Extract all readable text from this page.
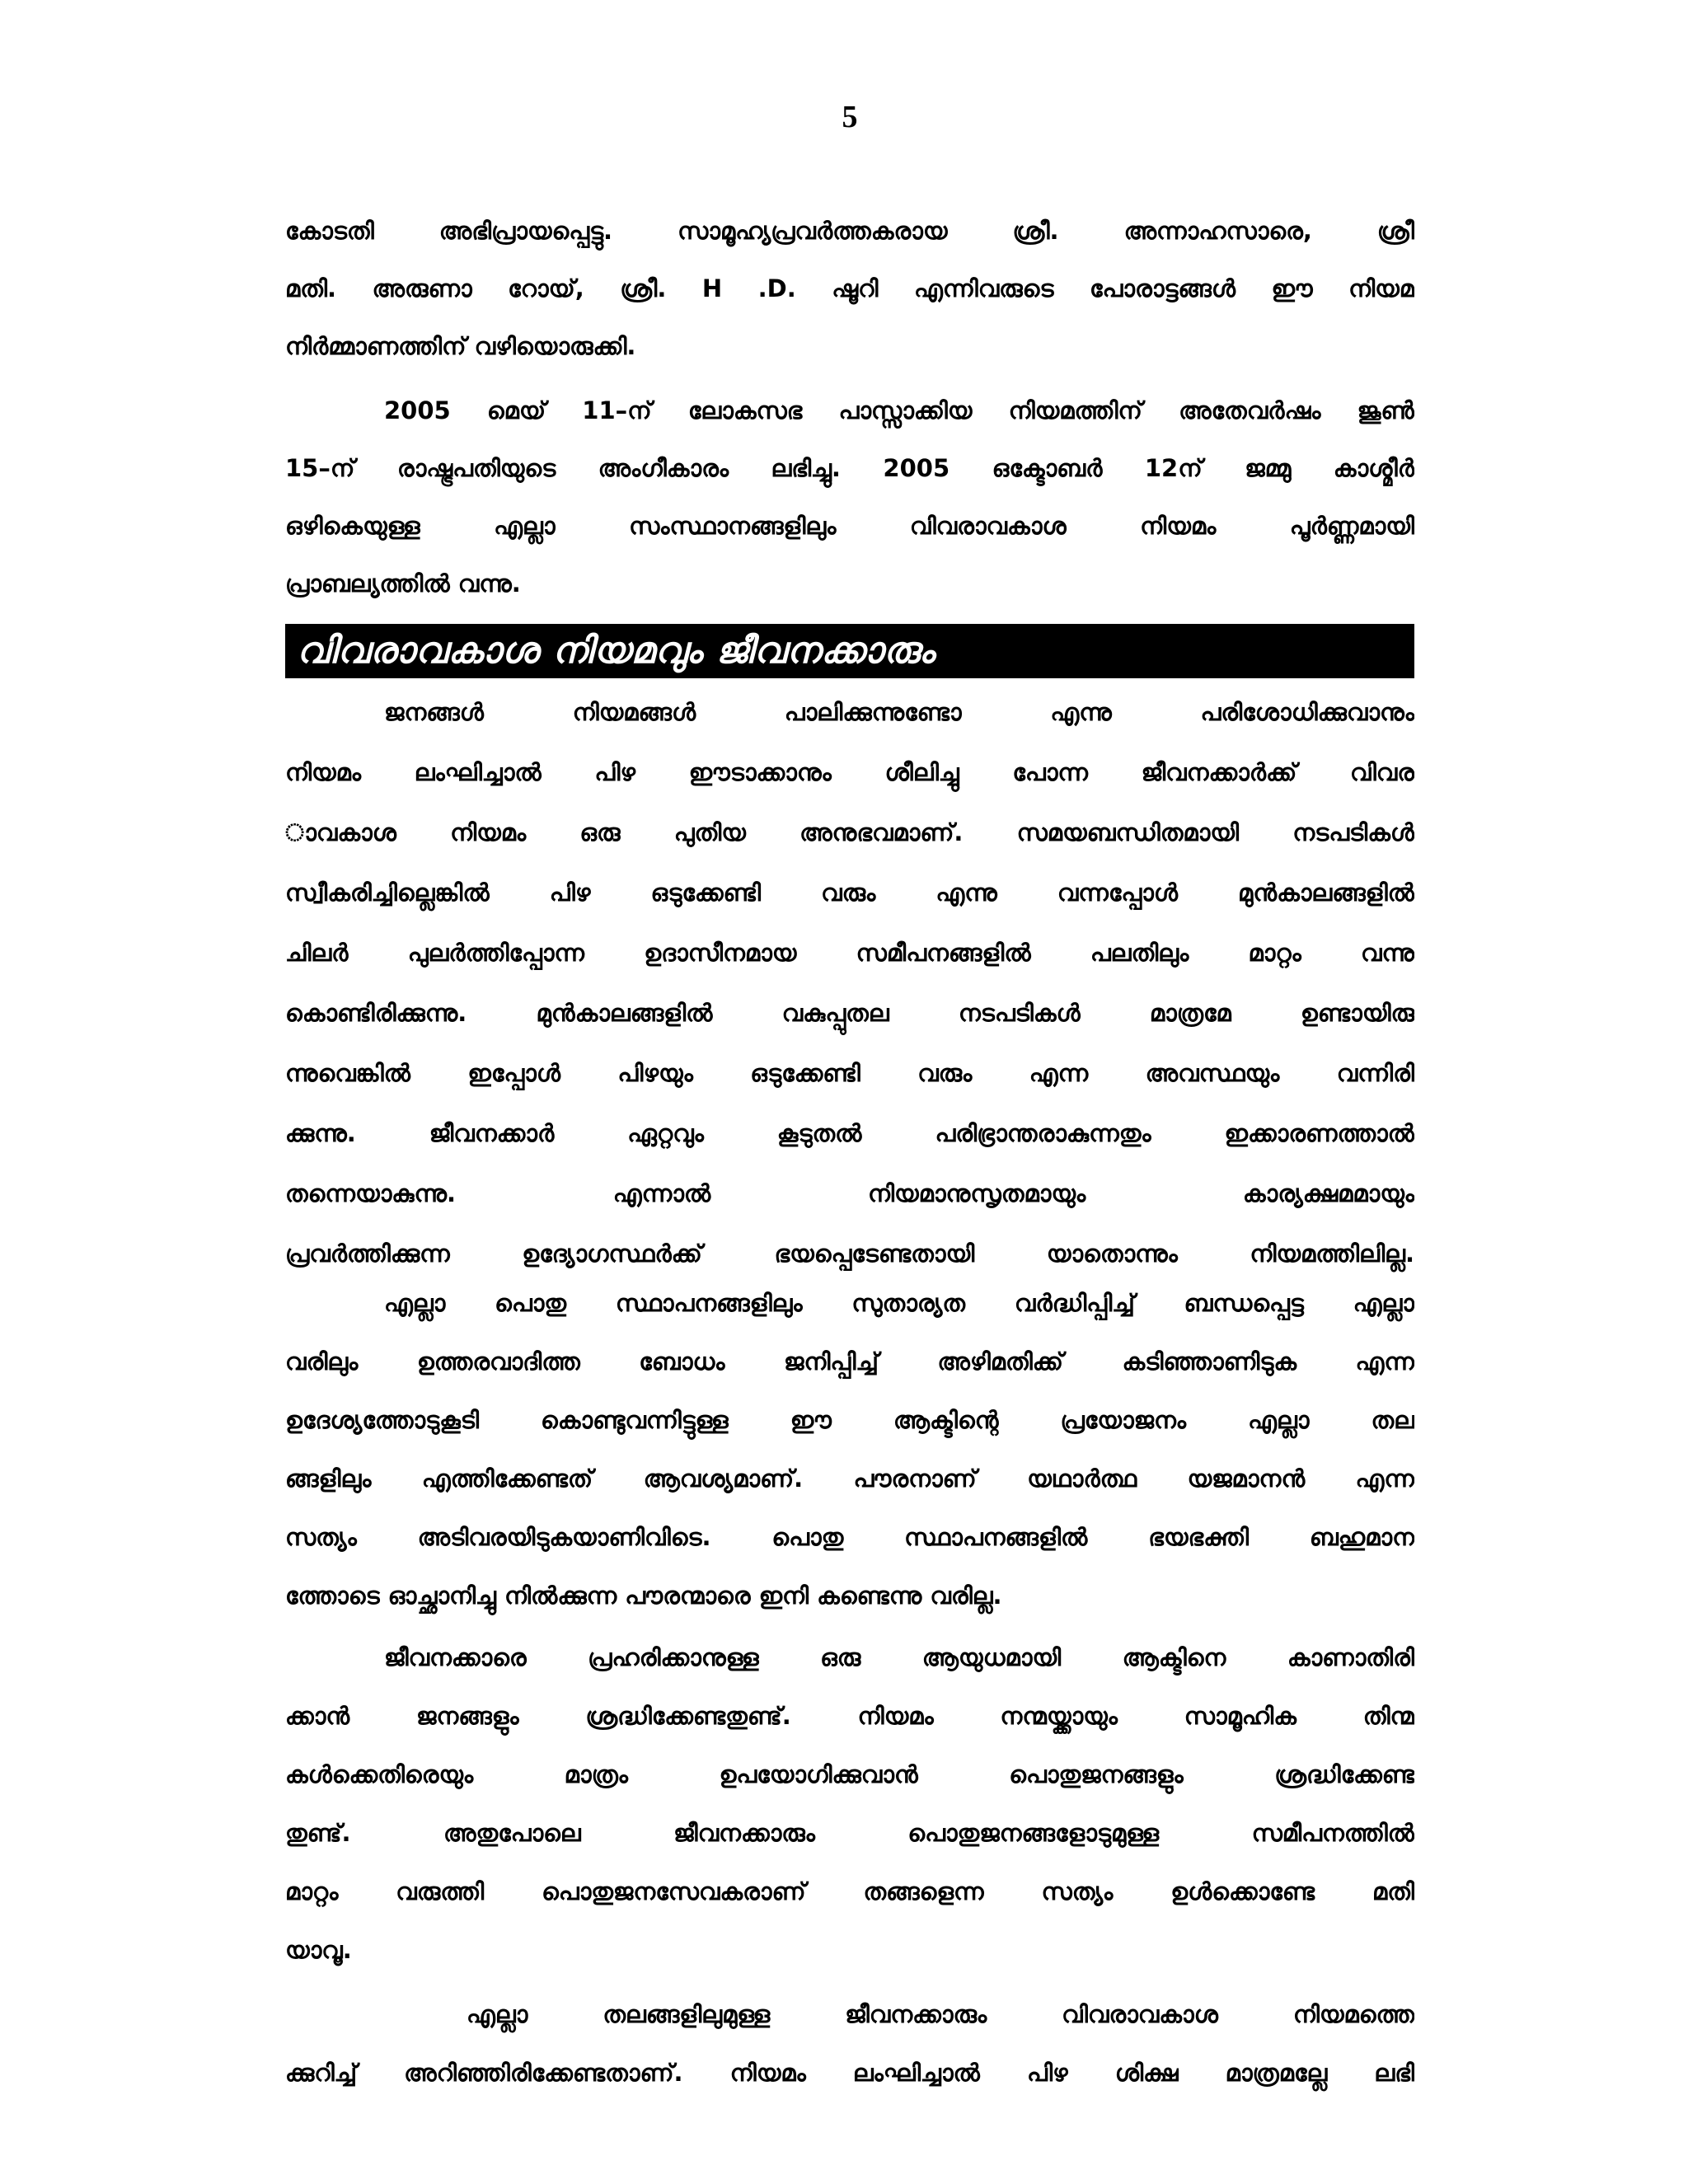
5

കോടതി അഭിപ്രായപ്പെട്ടു. സാമൂഹ്യപ്രവർത്തകരായ ശ്രീ. അന്നാഹസാരെ, ശ്രീ
മതി. അരുണാ റോയ്, ശ്രീ. H .D. ഷൂറി എന്നിവരുടെ പോരാട്ടങ്ങൾ ഈ നിയമ
നിർമ്മാണത്തിന് വഴിയൊരുക്കി.

2005 മെയ് 11–ന് ലോകസഭ പാസ്സാക്കിയ നിയമത്തിന് അതേവർഷം ജൂൺ
15–ന് രാഷ്ട്രപതിയുടെ അംഗീകാരം ലഭിച്ചു. 2005 ഒക്ടോബർ 12ന് ജമ്മു കാശ്മീർ
ഒഴികെയുള്ള എല്ലാ സംസ്ഥാനങ്ങളിലും വിവരാവകാശ നിയമം പൂർണ്ണമായി
പ്രാബല്യത്തിൽ വന്നു.

വിവരാവകാശ നിയമവും ജീവനക്കാരും

ജനങ്ങൾ നിയമങ്ങൾ പാലിക്കുന്നുണ്ടോ എന്നു പരിശോധിക്കുവാനും
നിയമം ലംഘിച്ചാൽ പിഴ ഈടാക്കാനും ശീലിച്ചു പോന്ന ജീവനക്കാർക്ക് വിവര
ാവകാശ നിയമം ഒരു പുതിയ അനുഭവമാണ്. സമയബന്ധിതമായി നടപടികൾ
സ്വീകരിച്ചില്ലെങ്കിൽ പിഴ ഒടുക്കേണ്ടി വരും എന്നു വന്നപ്പോൾ മുൻകാലങ്ങളിൽ
ചിലർ പുലർത്തിപ്പോന്ന ഉദാസീനമായ സമീപനങ്ങളിൽ പലതിലും മാറ്റം വന്നു
കൊണ്ടിരിക്കുന്നു. മുൻകാലങ്ങളിൽ വകുപ്പുതല നടപടികൾ മാത്രമേ ഉണ്ടായിരു
ന്നുവെങ്കിൽ ഇപ്പോൾ പിഴയും ഒടുക്കേണ്ടി വരും എന്ന അവസ്ഥയും വന്നിരി
ക്കുന്നു. ജീവനക്കാർ ഏറ്റവും കൂടുതൽ പരിഭ്രാന്തരാകുന്നതും ഇക്കാരണത്താൽ
തന്നെയാകുന്നു. എന്നാൽ നിയമാനുസൃതമായും കാര്യക്ഷമമായും
പ്രവർത്തിക്കുന്ന ഉദ്യോഗസ്ഥർക്ക് ഭയപ്പെടേണ്ടതായി യാതൊന്നും നിയമത്തിലില്ല.

എല്ലാ പൊതു സ്ഥാപനങ്ങളിലും സുതാര്യത വർദ്ധിപ്പിച്ച് ബന്ധപ്പെട്ട എല്ലാ
വരിലും ഉത്തരവാദിത്ത ബോധം ജനിപ്പിച്ച് അഴിമതിക്ക് കടിഞ്ഞാണിടുക എന്ന
ഉദേശ്യത്തോടുകൂടി കൊണ്ടുവന്നിട്ടുള്ള ഈ ആക്ടിന്റെ പ്രയോജനം എല്ലാ തല
ങ്ങളിലും എത്തിക്കേണ്ടത് ആവശ്യമാണ്. പൗരനാണ് യഥാർത്ഥ യജമാനൻ എന്ന
സത്യം അടിവരയിടുകയാണിവിടെ. പൊതു സ്ഥാപനങ്ങളിൽ ഭയഭക്തി ബഹുമാന
ത്തോടെ ഓച്ഛാനിച്ചു നിൽക്കുന്ന പൗരന്മാരെ ഇനി കണ്ടെന്നു വരില്ല.

ജീവനക്കാരെ പ്രഹരിക്കാനുള്ള ഒരു ആയുധമായി ആക്ടിനെ കാണാതിരി
ക്കാൻ ജനങ്ങളും ശ്രദ്ധിക്കേണ്ടതുണ്ട്. നിയമം നന്മയ്ക്കായും സാമൂഹിക തിന്മ
കൾക്കെതിരെയും മാത്രം ഉപയോഗിക്കുവാൻ പൊതുജനങ്ങളും ശ്രദ്ധിക്കേണ്ട
തുണ്ട്. അതുപോലെ ജീവനക്കാരും പൊതുജനങ്ങളോടുമുള്ള സമീപനത്തിൽ
മാറ്റം വരുത്തി പൊതുജനസേവകരാണ് തങ്ങളെന്ന സത്യം ഉൾക്കൊണ്ടേ മതി
യാവൂ.

എല്ലാ തലങ്ങളിലുമുള്ള ജീവനക്കാരും വിവരാവകാശ നിയമത്തെ
ക്കുറിച്ച് അറിഞ്ഞിരിക്കേണ്ടതാണ്. നിയമം ലംഘിച്ചാൽ പിഴ ശിക്ഷ മാത്രമല്ലേ ലഭി
